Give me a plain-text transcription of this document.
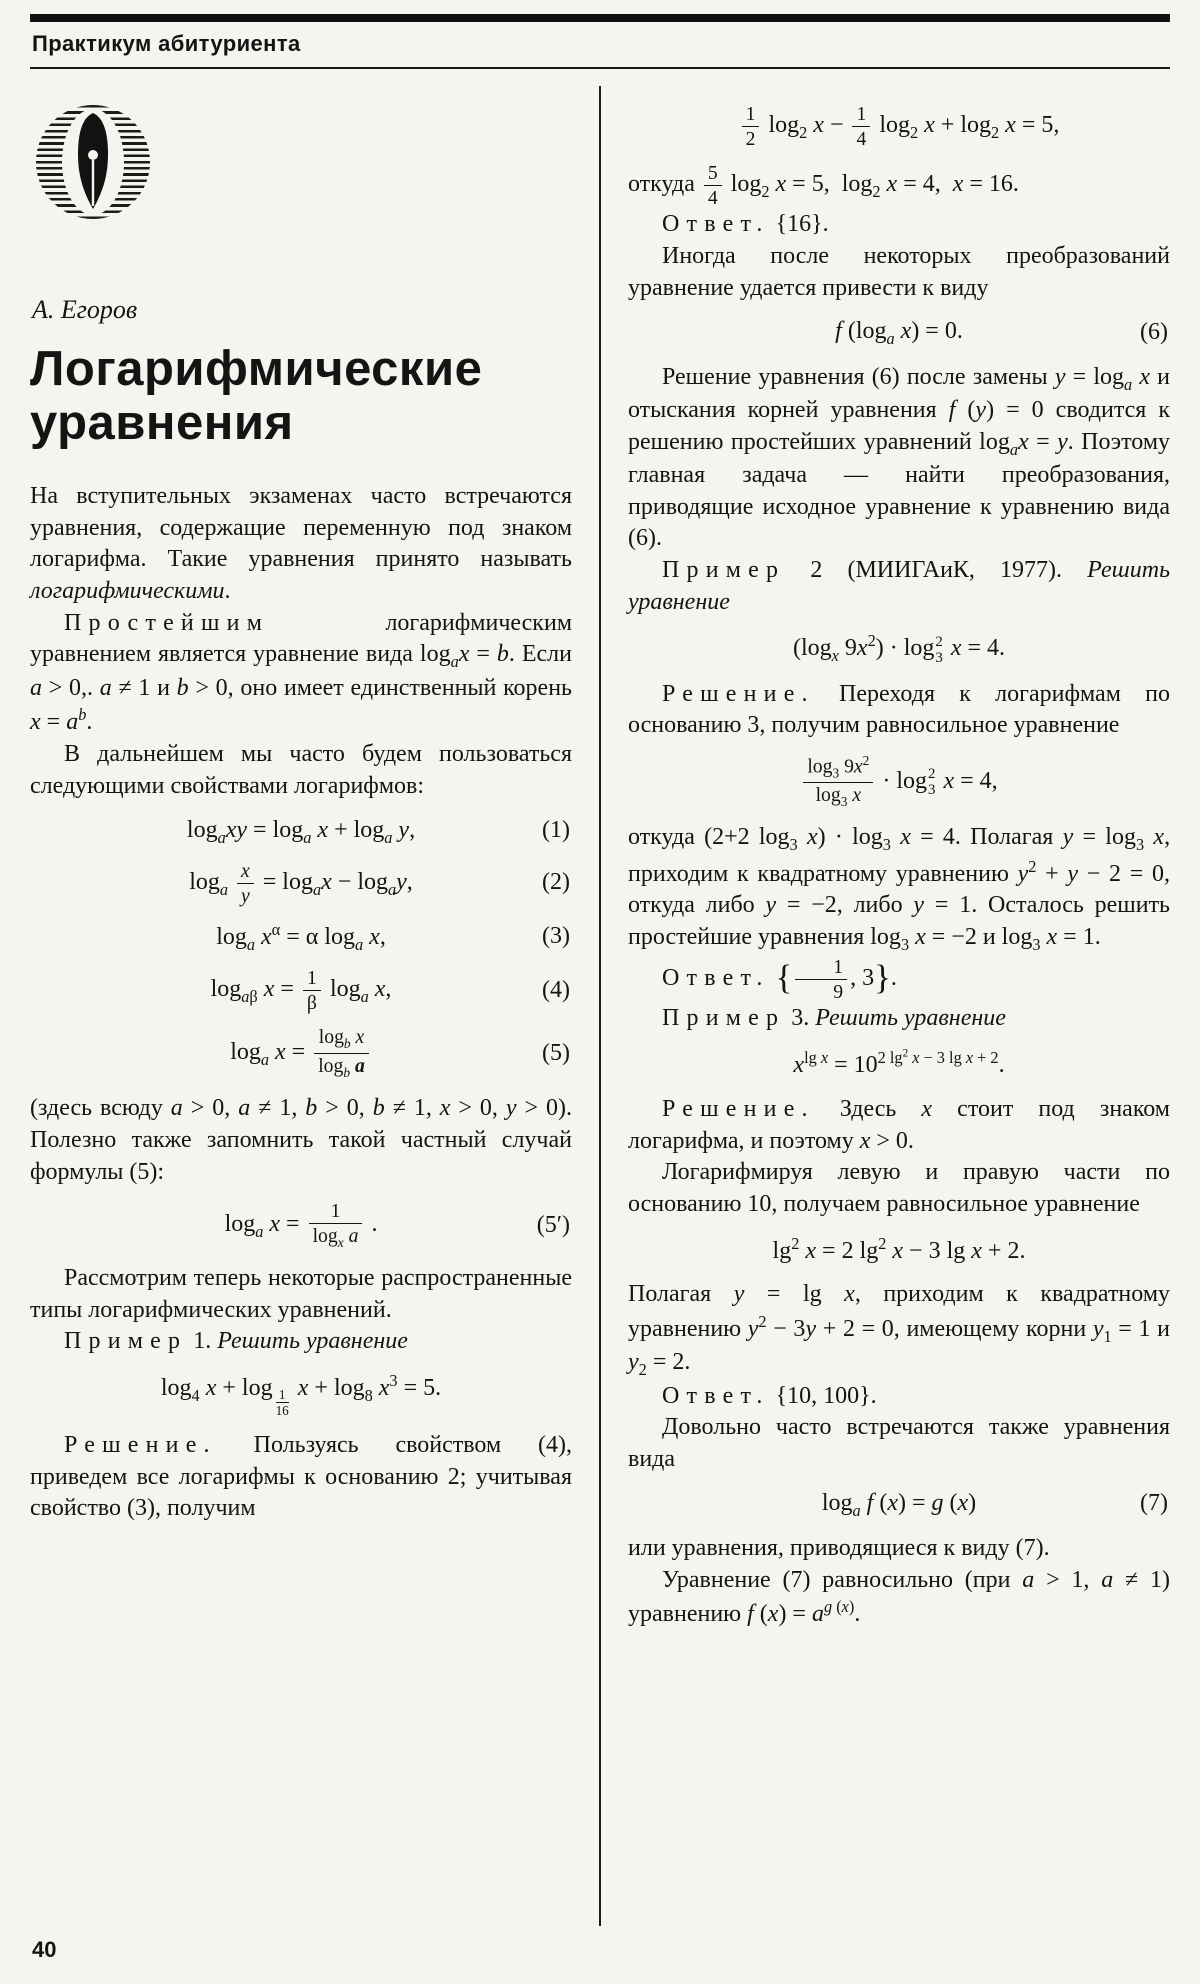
Практикум абитуриента
А. Егоров
Логарифмические уравнения
На вступительных экзаменах часто встречаются уравнения, содержащие переменную под знаком логарифма. Такие уравнения принято называть логарифмическими.
Простейшим логарифмическим уравнением является уравнение вида $\log_ax = b$. Если a > 0,. a ≠ 1 и b > 0, оно имеет единственный корень $x = a^b$.
В дальнейшем мы часто будем пользоваться следующими свойствами логарифмов:
$\log_axy = \log_a x + \log_a y$,	(1)
$\log_a \frac{x}{y} = \log_ax - \log_ay$,	(2)
$\log_a x^\alpha = \alpha$ $\log_a x$,	(3)
$\log_{a\beta} x = \frac{1}{\beta} \log_a x$,	(4)
$\log_a x = \frac{\log_b x}{\log_b a}$	(5)
(здесь всюду a > 0, a ≠ 1, b > 0, b ≠ 1, x > 0, y > 0). Полезно также запомнить такой частный случай формулы (5):
$\log_a x = \frac{1}{\log_x a}$ .	(5′)
Рассмотрим теперь некоторые распространенные типы логарифмических уравнений.
Пример 1. Решить уравнение
$\log_4 x + \log \frac{1}{16}$ $x + \log_8 x^3 = 5$.
Решение. Пользуясь свойством (4), приведем все логарифмы к основанию 2; учитывая свойство (3), получим
$\frac{1}{2} \log_2 x - \frac{1}{4} \log_2 x + \log_2 x = 5$,
откуда $\frac{5}{4} \log_2 x = 5$,  $\log_2 x = 4$,  x = 16.
Ответ. {16}.
Иногда после некоторых преобразований уравнение удается привести к виду
f ($\log_a$ x) = 0.	(6)
Решение уравнения (6) после замены $y = \log_a x$ и отыскания корней уравнения f (y) = 0 сводится к решению простейших уравнений $\log_ax = y$. Поэтому главная задача — найти преобразования, приводящие исходное уравнение к уравнению вида (6).
Пример 2 (МИИГАиК, 1977). Решить уравнение
($\log_x$ $9x^2) \cdot \log 2$
3 x = 4.
Решение. Переходя к логарифмам по основанию 3, получим равносильное уравнение
$\frac{\log_3 9x^2}{\log_3 x} \cdot \log 2$
3 x = 4,
откуда (2+2 $\log_3 x) \cdot \log_3 x = 4$. Полагая $y = \log_3 x$, приходим к квадратному уравнению $y^2 + y - 2 = 0$, откуда либо y = −2, либо y = 1. Осталось решить простейшие уравнения $\log_3 x = -2$ и $\log_3 x = 1$.
Ответ. { $\frac{1}{9}$ , 3}.
Пример 3. Решить уравнение
$x^{lg x} = 10^{2 lg^2 x - 3 lg x + 2}$.
Решение. Здесь x стоит под знаком логарифма, и поэтому x > 0.
Логарифмируя левую и правую части по основанию 10, получаем равносильное уравнение
$\lg^2 x = 2$ $\lg^2 x - 3$ lg x + 2.
Полагая y = lg x, приходим к квадратному уравнению $y^2 - 3y + 2 = 0$, имеющему корни $y_1 = 1$ и $y_2 = 2$.
Ответ. {10, 100}.
Довольно часто встречаются также уравнения вида
$\log_a f$ (x) = g (x)	(7)
или уравнения, приводящиеся к виду (7).
Уравнение (7) равносильно (при a > 1, a ≠ 1) уравнению f $(x) = a^{g (x)}$.
40
